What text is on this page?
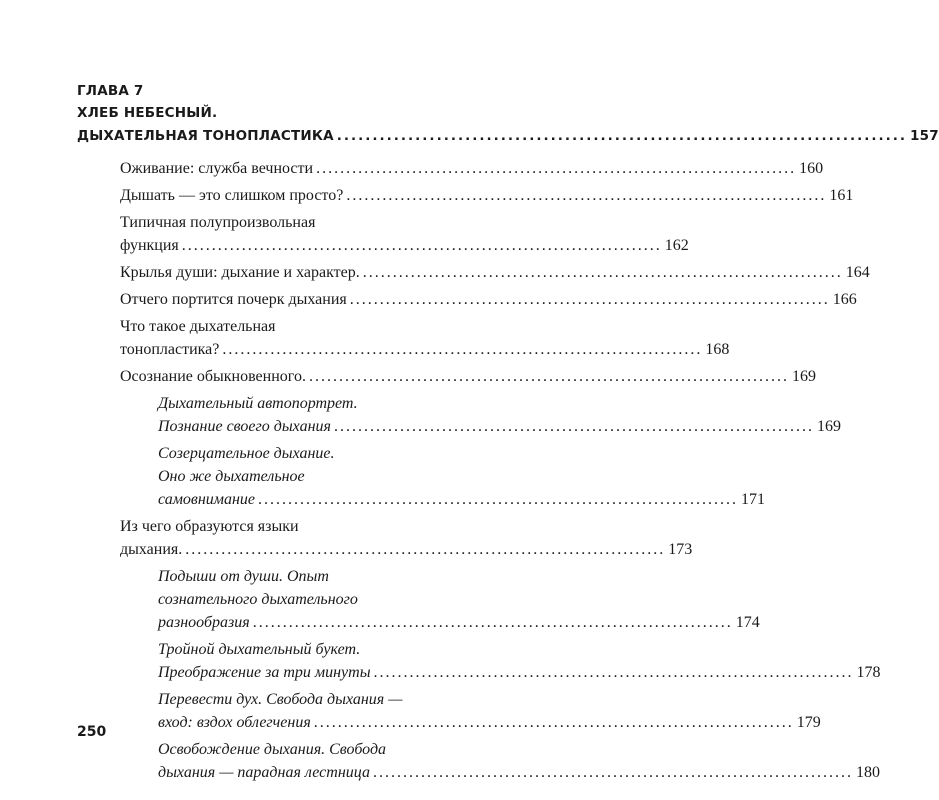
ГЛАВА 7
ХЛЕБ НЕБЕСНЫЙ.
ДЫХАТЕЛЬНАЯ ТОНОПЛАСТИКА ................................................................................ 157
Оживание: служба вечности ................................................................................ 160
Дышать — это слишком просто? ................................................................................ 161
Типичная полупроизвольная
функция ................................................................................ 162
Крылья души: дыхание и характер. ................................................................................ 164
Отчего портится почерк дыхания ................................................................................ 166
Что такое дыхательная
тонопластика? ................................................................................ 168
Осознание обыкновенного. ................................................................................ 169
Дыхательный автопортрет.
Познание своего дыхания ................................................................................ 169
Созерцательное дыхание.
Оно же дыхательное
самовнимание ................................................................................ 171
Из чего образуются языки
дыхания. ................................................................................ 173
Подыши от души. Опыт
сознательного дыхательного
разнообразия ................................................................................ 174
Тройной дыхательный букет.
Преображение за три минуты ................................................................................ 178
Перевести дух. Свобода дыхания —
вход: вздох облегчения ................................................................................ 179
Освобождение дыхания. Свобода
дыхания — парадная лестница ................................................................................ 180
250
